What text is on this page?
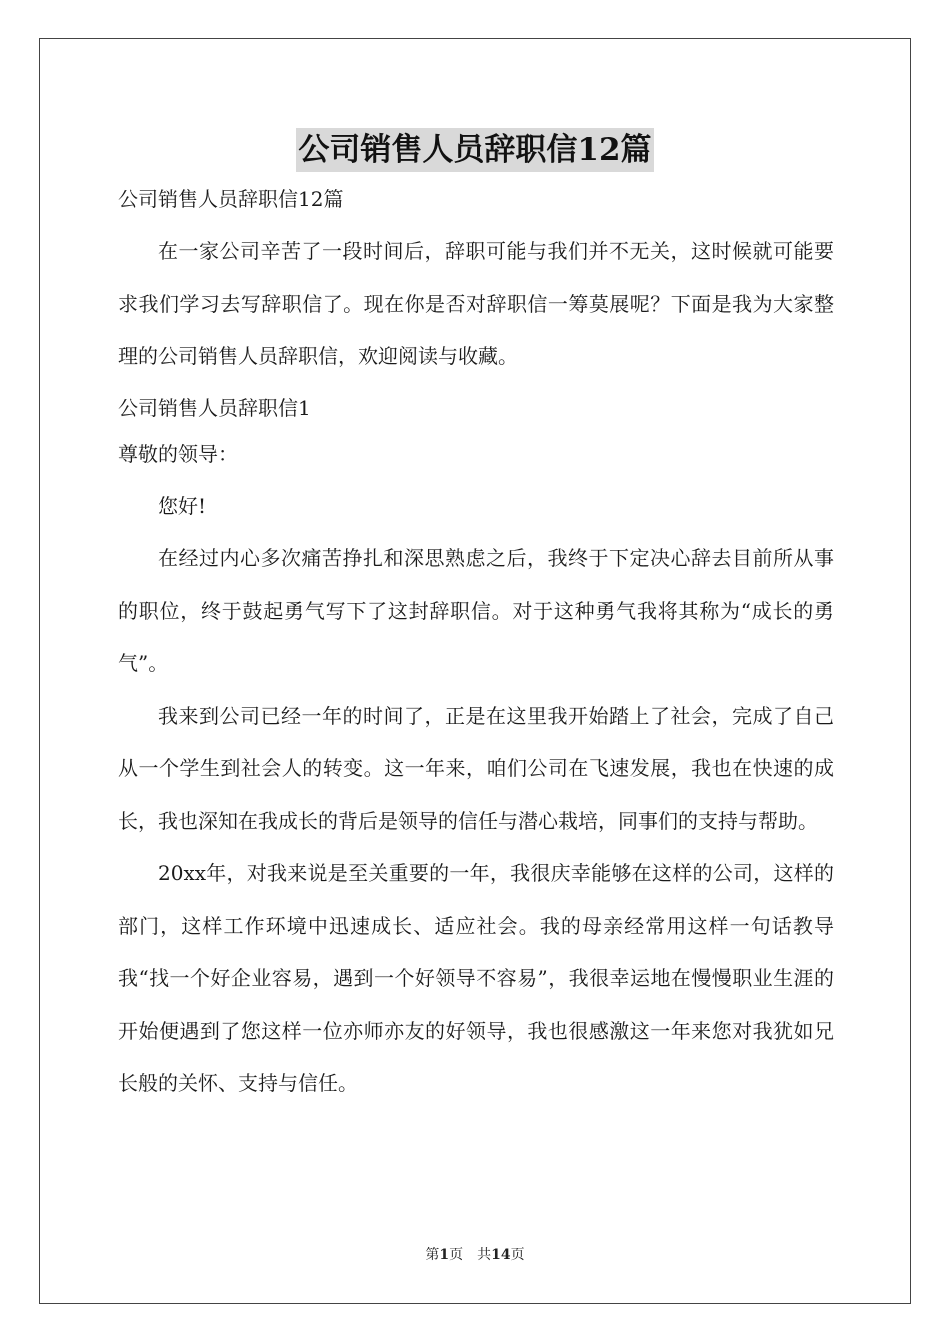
公司销售人员辞职信12篇

公司销售人员辞职信12篇

在一家公司辛苦了一段时间后，辞职可能与我们并不无关，这时候就可能要求我们学习去写辞职信了。现在你是否对辞职信一筹莫展呢？下面是我为大家整理的公司销售人员辞职信，欢迎阅读与收藏。

公司销售人员辞职信1

尊敬的领导：

您好!

在经过内心多次痛苦挣扎和深思熟虑之后，我终于下定决心辞去目前所从事的职位，终于鼓起勇气写下了这封辞职信。对于这种勇气我将其称为“成长的勇气”。

我来到公司已经一年的时间了，正是在这里我开始踏上了社会，完成了自己从一个学生到社会人的转变。这一年来，咱们公司在飞速发展，我也在快速的成长，我也深知在我成长的背后是领导的信任与潜心栽培，同事们的支持与帮助。

20xx年，对我来说是至关重要的一年，我很庆幸能够在这样的公司，这样的部门，这样工作环境中迅速成长、适应社会。我的母亲经常用这样一句话教导我“找一个好企业容易，遇到一个好领导不容易”，我很幸运地在慢慢职业生涯的开始便遇到了您这样一位亦师亦友的好领导，我也很感激这一年来您对我犹如兄长般的关怀、支持与信任。

第1页 共14页
